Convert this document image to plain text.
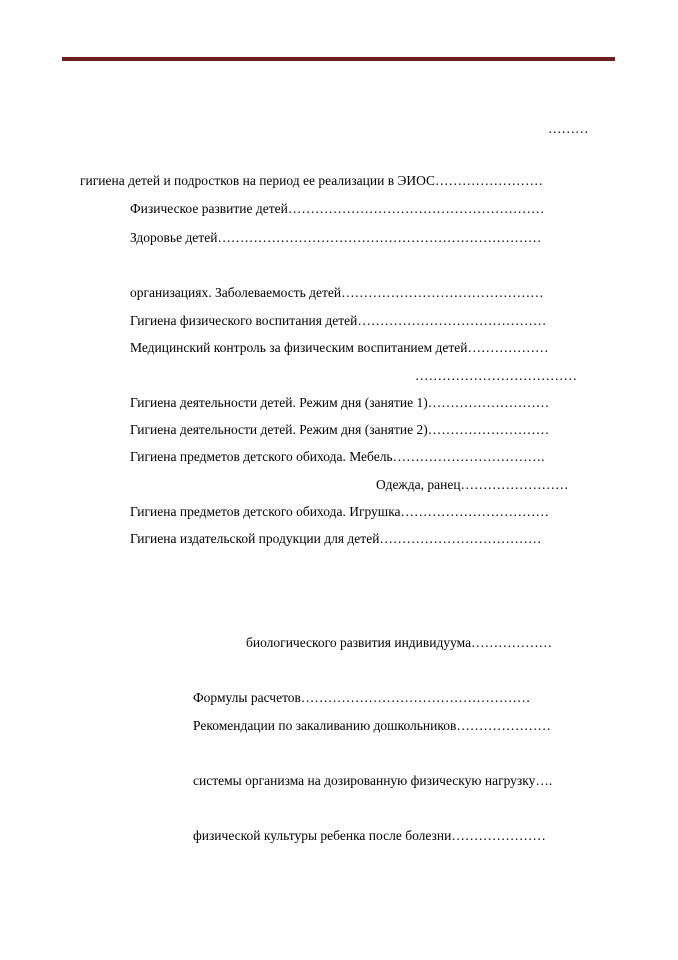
………
гигиена детей и подростков на период ее реализации в ЭИОС……………………
Физическое развитие детей…………………………………………………
Здоровье детей………………………………………………………………
организациях. Заболеваемость детей………………………………………
Гигиена физического воспитания детей……………………………………
Медицинский контроль за физическим воспитанием детей………………
………………………………
Гигиена деятельности детей. Режим дня (занятие 1)………………………
Гигиена деятельности детей. Режим дня (занятие 2)………………………
Гигиена предметов детского обихода. Мебель…………………………….
Одежда, ранец……………………
Гигиена предметов детского обихода. Игрушка……………………………
Гигиена издательской продукции для детей………………………………
биологического развития индивидуума………………
Формулы расчетов……………………………………………
Рекомендации по закаливанию дошкольников…………………
системы организма на дозированную физическую нагрузку….
физической культуры ребенка после болезни…………………
